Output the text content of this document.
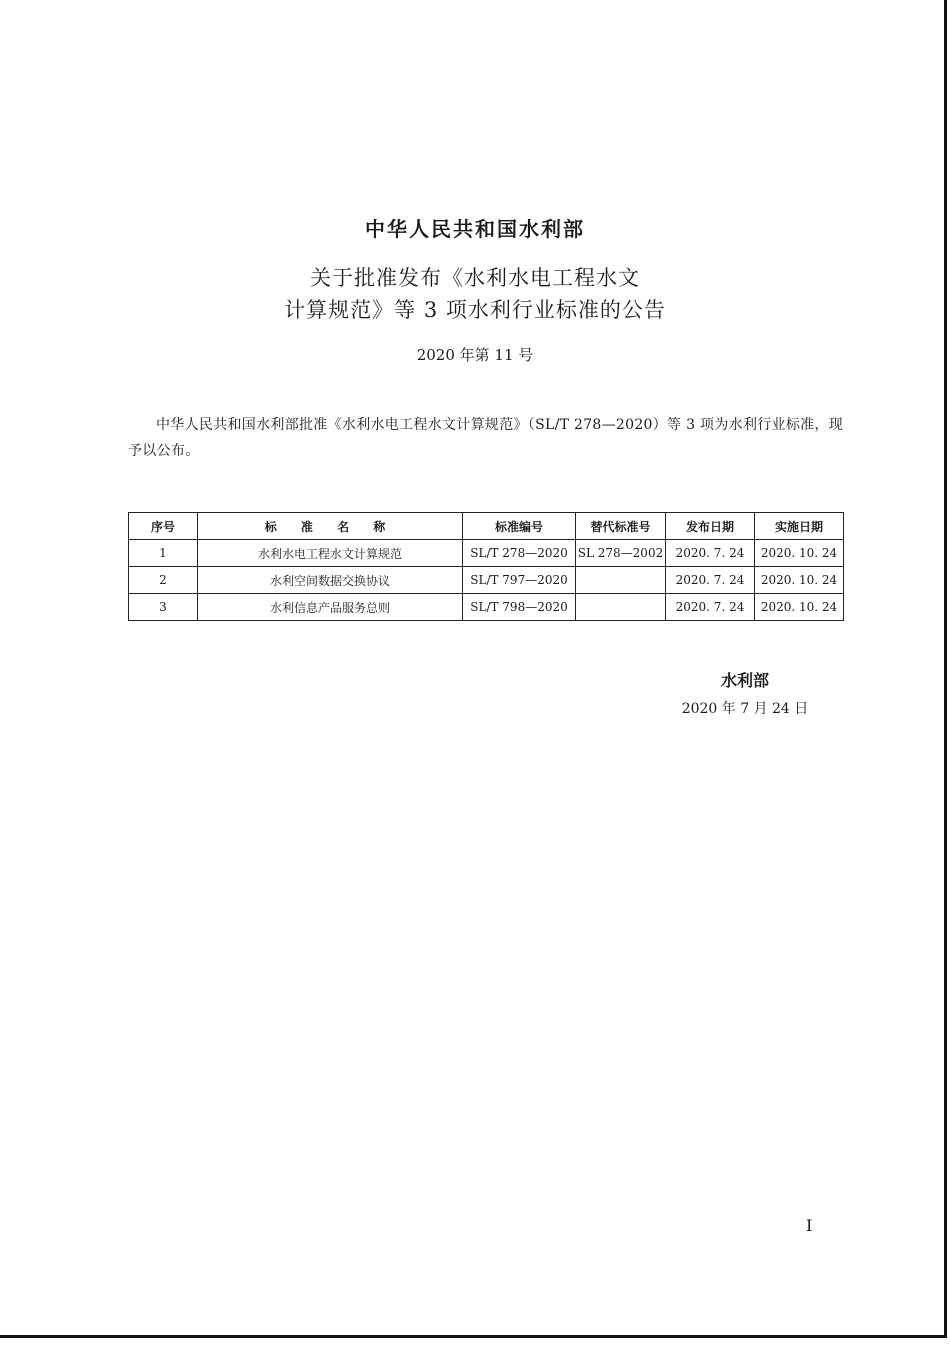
中华人民共和国水利部
关于批准发布《水利水电工程水文
计算规范》等 3 项水利行业标准的公告
2020 年第 11 号
中华人民共和国水利部批准《水利水电工程水文计算规范》（SL/T 278—2020）等 3 项为水利行业标准，现予以公布。
序号	标 准 名 称	标准编号	替代标准号	发布日期	实施日期
1	水利水电工程水文计算规范	SL/T 278—2020	SL 278—2002	2020. 7. 24	2020. 10. 24
2	水利空间数据交换协议	SL/T 797—2020		2020. 7. 24	2020. 10. 24
3	水利信息产品服务总则	SL/T 798—2020		2020. 7. 24	2020. 10. 24
水利部
2020 年 7 月 24 日
I
